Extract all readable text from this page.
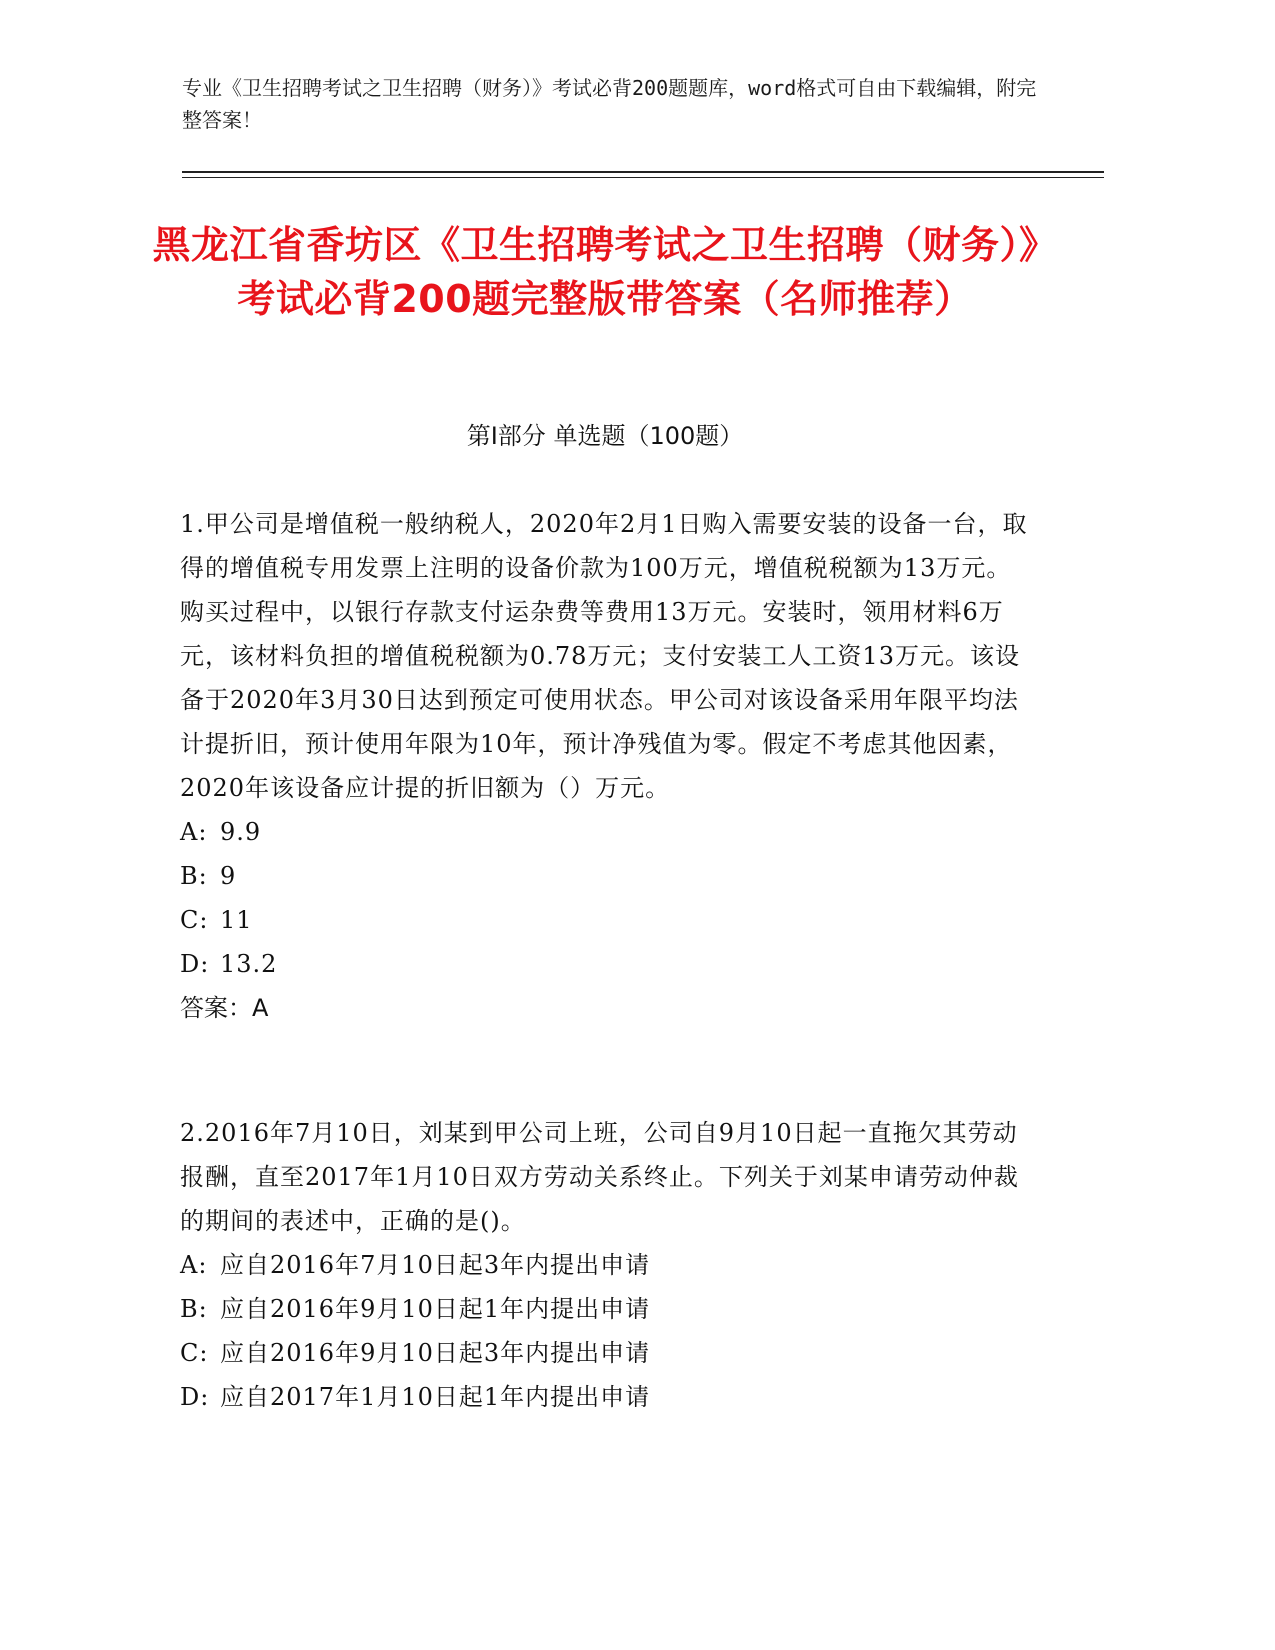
专业《卫生招聘考试之卫生招聘（财务）》考试必背200题题库，word格式可自由下载编辑，附完整答案！
黑龙江省香坊区《卫生招聘考试之卫生招聘（财务）》考试必背200题完整版带答案（名师推荐）
第I部分 单选题（100题）
1.甲公司是增值税一般纳税人，2020年2月1日购入需要安装的设备一台，取得的增值税专用发票上注明的设备价款为100万元，增值税税额为13万元。购买过程中，以银行存款支付运杂费等费用13万元。安装时，领用材料6万元，该材料负担的增值税税额为0.78万元；支付安装工人工资13万元。该设备于2020年3月30日达到预定可使用状态。甲公司对该设备采用年限平均法计提折旧，预计使用年限为10年，预计净残值为零。假定不考虑其他因素，2020年该设备应计提的折旧额为（）万元。
A: 9.9
B: 9
C: 11
D: 13.2
答案：A
2.2016年7月10日，刘某到甲公司上班，公司自9月10日起一直拖欠其劳动报酬，直至2017年1月10日双方劳动关系终止。下列关于刘某申请劳动仲裁的期间的表述中，正确的是()。
A: 应自2016年7月10日起3年内提出申请
B: 应自2016年9月10日起1年内提出申请
C: 应自2016年9月10日起3年内提出申请
D: 应自2017年1月10日起1年内提出申请
